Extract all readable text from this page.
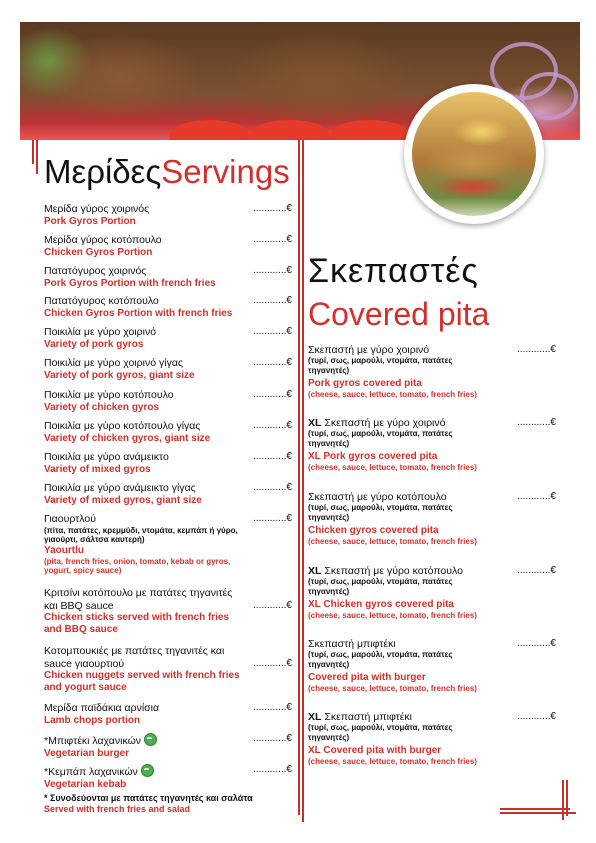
ΜερίδεςServings
Μερίδα γύρος χοιρινός
Pork Gyros Portion
............€
Μερίδα γύρος κοτόπουλο
Chicken Gyros Portion
............€
Πατατόγυρος χοιρινός
Pork Gyros Portion with french fries
............€
Πατατόγυρος κοτόπουλο
Chicken Gyros Portion with french fries
............€
Ποικιλία με γύρο χοιρινό
Variety of pork gyros
............€
Ποικιλία με γύρο χοιρινό γίγας
Variety of pork gyros, giant size
............€
Ποικιλία με γύρο κοτόπουλο
Variety of chicken gyros
............€
Ποικιλία με γύρο κοτόπουλο γίγας
Variety of chicken gyros, giant size
............€
Ποικιλία με γύρο ανάμεικτο
Variety of mixed gyros
............€
Ποικιλία με γύρο ανάμεικτο γίγας
Variety of mixed gyros, giant size
............€
Γιαουρτλού
(πίτα, πατάτες, κρεμμύδι, ντομάτα, κεμπάπ ή γύρο, γιαούρτι, σάλτσα καυτερή)
Yaourtlu
(pita, french fries, onion, tomato, kebab or gyros, yogurt, spicy sauce)
............€
Κριτσίνι κοτόπουλο με πατάτες τηγανιτές και BBQ sauce
Chicken sticks served with french fries and BBQ sauce
............€
Κοτομπουκιές με πατάτες τηγανιτές και sauce γιαουρτιού
Chicken nuggets served with french fries and yogurt sauce
............€
Μερίδα παϊδάκια αρνίσια
Lamb chops portion
............€
*Μπιφτέκι λαχανικών
Vegetarian burger
............€
*Κεμπάπ λαχανικών
Vegetarian kebab
............€
* Συνοδεύονται με πατάτες τηγανητές και σαλάτα
Served with french fries and salad
Σκεπαστές
Covered pita
Σκεπαστή με γύρο χοιρινό
(τυρί, σως, μαρούλι, ντομάτα, πατάτες τηγανητές)
Pork gyros covered pita
(cheese, sauce, lettuce, tomato, french fries)
............€
XL Σκεπαστή με γύρο χοιρινό
(τυρί, σως, μαρούλι, ντομάτα, πατάτες τηγανητές)
XL Pork gyros covered pita
(cheese, sauce, lettuce, tomato, french fries)
............€
Σκεπαστή με γύρο κοτόπουλο
(τυρί, σως, μαρούλι, ντομάτα, πατάτες τηγανητές)
Chicken gyros covered pita
(cheese, sauce, lettuce, tomato, french fries)
............€
XL Σκεπαστή με γύρο κοτόπουλο
(τυρί, σως, μαρούλι, ντομάτα, πατάτες τηγανητές)
XL Chicken gyros covered pita
(cheese, sauce, lettuce, tomato, french fries)
............€
Σκεπαστή μπιφτέκι
(τυρί, σως, μαρούλι, ντομάτα, πατάτες τηγανητές)
Covered pita with burger
(cheese, sauce, lettuce, tomato, french fries)
............€
XL Σκεπαστή μπιφτέκι
(τυρί, σως, μαρούλι, ντομάτα, πατάτες τηγανητές)
XL Covered pita with burger
(cheese, sauce, lettuce, tomato, french fries)
............€
